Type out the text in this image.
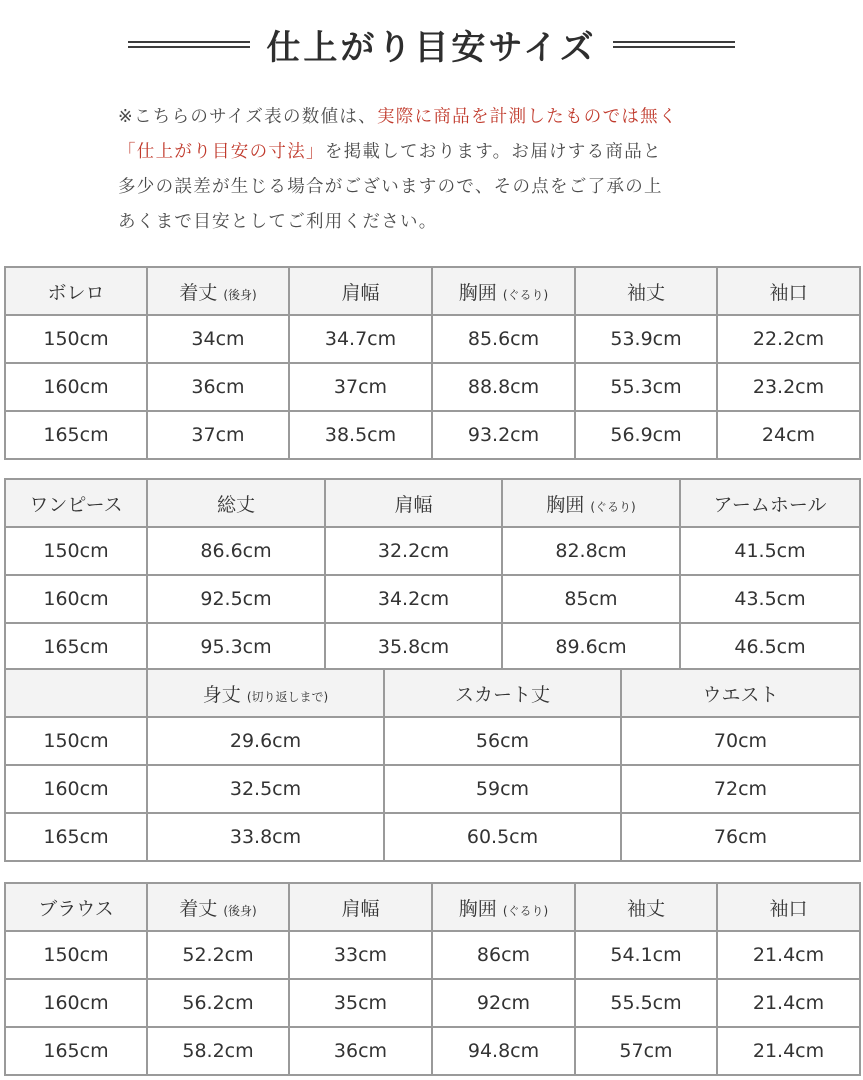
仕上がり目安サイズ

※こちらのサイズ表の数値は、実際に商品を計測したものでは無く

「仕上がり目安の寸法」を掲載しております。お届けする商品と

多少の誤差が生じる場合がございますので、その点をご了承の上

あくまで目安としてご利用ください。

ボレロ	着丈 (後身)	肩幅	胸囲 (ぐるり)	袖丈	袖口
150cm	34cm	34.7cm	85.6cm	53.9cm	22.2cm
160cm	36cm	37cm	88.8cm	55.3cm	23.2cm
165cm	37cm	38.5cm	93.2cm	56.9cm	24cm
ワンピース	総丈	肩幅	胸囲 (ぐるり)	アームホール
150cm	86.6cm	32.2cm	82.8cm	41.5cm
160cm	92.5cm	34.2cm	85cm	43.5cm
165cm	95.3cm	35.8cm	89.6cm	46.5cm
	身丈 (切り返しまで)	スカート丈	ウエスト
150cm	29.6cm	56cm	70cm
160cm	32.5cm	59cm	72cm
165cm	33.8cm	60.5cm	76cm
ブラウス	着丈 (後身)	肩幅	胸囲 (ぐるり)	袖丈	袖口
150cm	52.2cm	33cm	86cm	54.1cm	21.4cm
160cm	56.2cm	35cm	92cm	55.5cm	21.4cm
165cm	58.2cm	36cm	94.8cm	57cm	21.4cm
